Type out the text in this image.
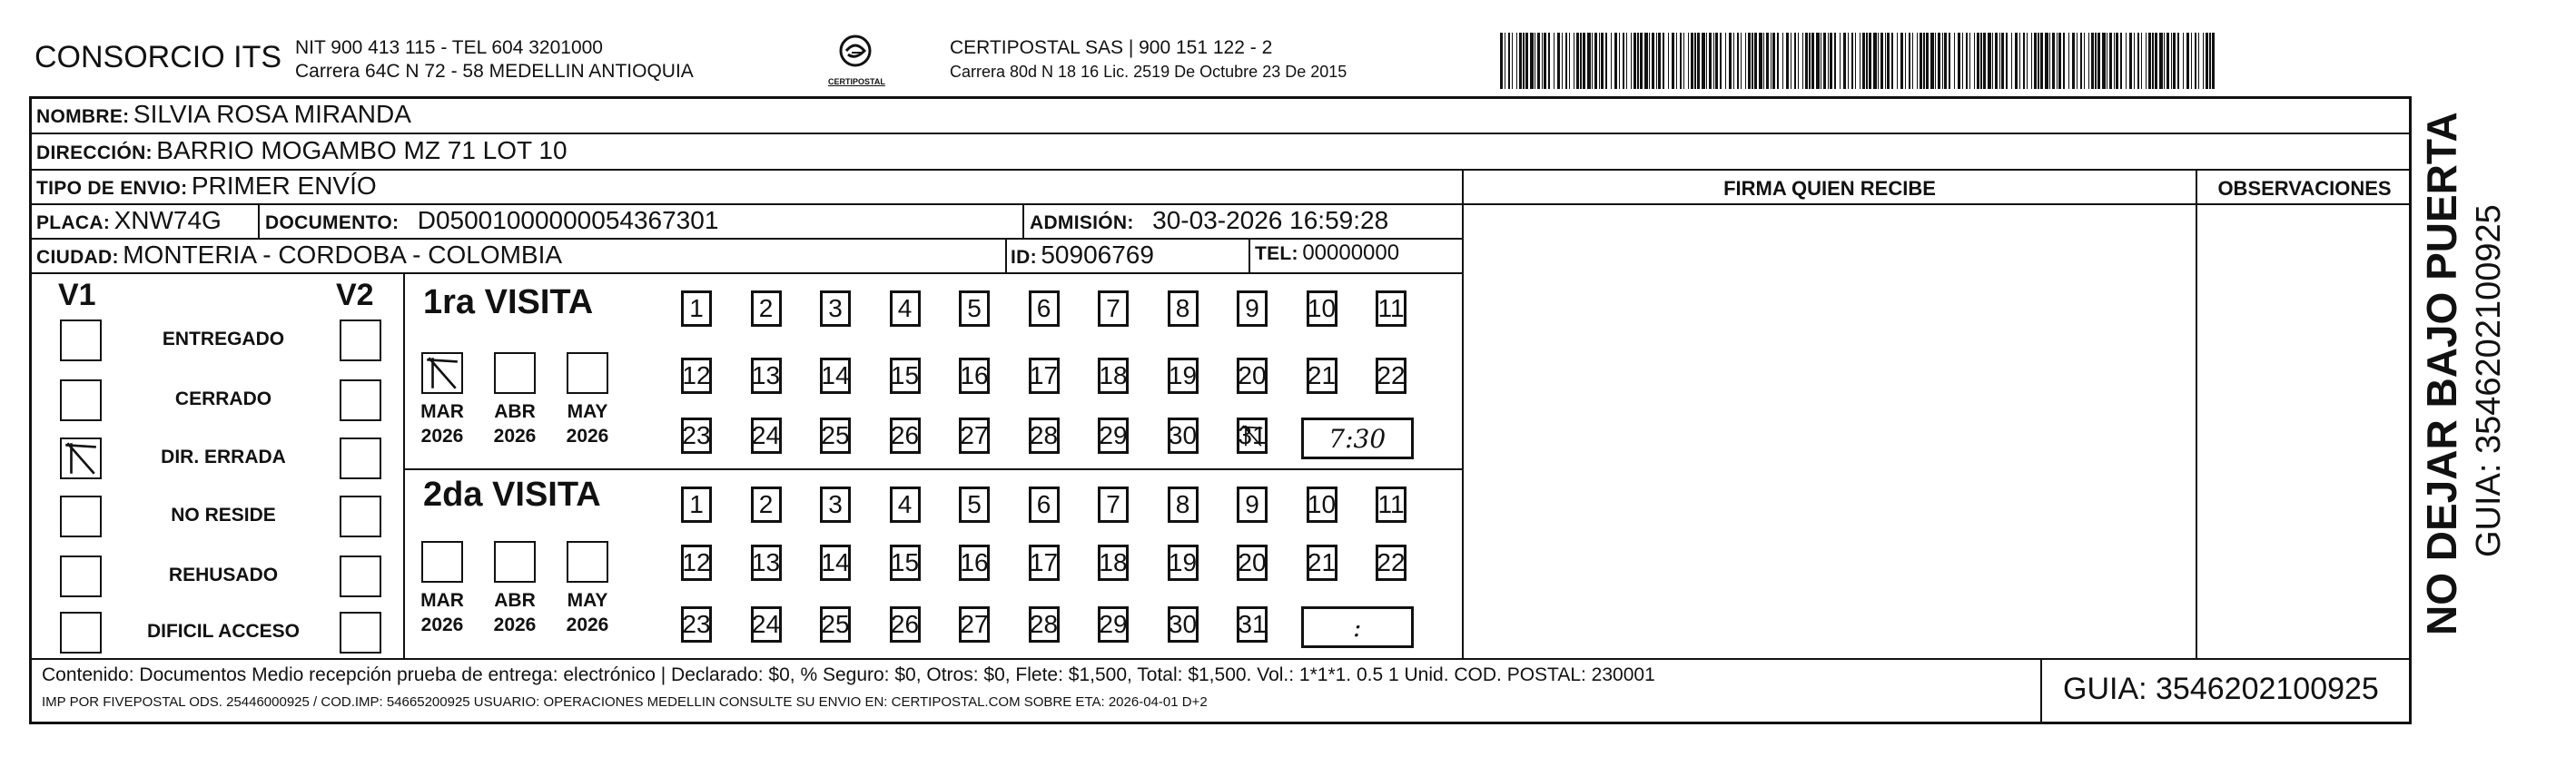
CONSORCIO ITS NIT 900 413 115 - TEL 604 3201000
Carrera 64C N 72 - 58 MEDELLIN ANTIOQUIA	CERTIPOSTAL
CERTIPOSTAL SAS | 900 151 122 - 2
Carrera 80d N 18 16 Lic. 2519 De Octubre 23 De 2015
NOMBRE: SILVIA ROSA MIRANDA
DIRECCIÓN: BARRIO MOGAMBO MZ 71 LOT 10
TIPO DE ENVIO: PRIMER ENVÍO	FIRMA QUIEN RECIBE	OBSERVACIONES
PLACA: XNW74G DOCUMENTO: D05001000000054367301	ADMISIÓN: 30-03-2026 16:59:28
CIUDAD: MONTERIA - CORDOBA - COLOMBIA	ID: 50906769	TEL: 00000000
V1	V2
ENTREGADO
CERRADO
DIR. ERRADA
NO RESIDE
REHUSADO
DIFICIL ACCESO
1ra VISITA
MAR
2026
ABR
2026
MAY
2026
1 2 3 4 5 6 7 8 9 10 11
12 13 14 15 16 17 18 19 20 21 22
23 24 25 26 27 28 29 30 31 7:30
2da VISITA
MAR
2026
ABR
2026
MAY
2026
1 2 3 4 5 6 7 8 9 10 11
12 13 14 15 16 17 18 19 20 21 22
23 24 25 26 27 28 29 30 31	:
Contenido: Documentos Medio recepción prueba de entrega: electrónico | Declarado: $0, % Seguro: $0, Otros: $0, Flete: $1,500, Total: $1,500. Vol.: 1*1*1. 0.5 1 Unid. COD. POSTAL: 230001
IMP POR FIVEPOSTAL ODS. 25446000925 / COD.IMP: 54665200925 USUARIO: OPERACIONES MEDELLIN CONSULTE SU ENVIO EN: CERTIPOSTAL.COM SOBRE ETA: 2026-04-01 D+2	GUIA: 3546202100925
NO DEJAR BAJO PUERTA GUIA: 3546202100925
